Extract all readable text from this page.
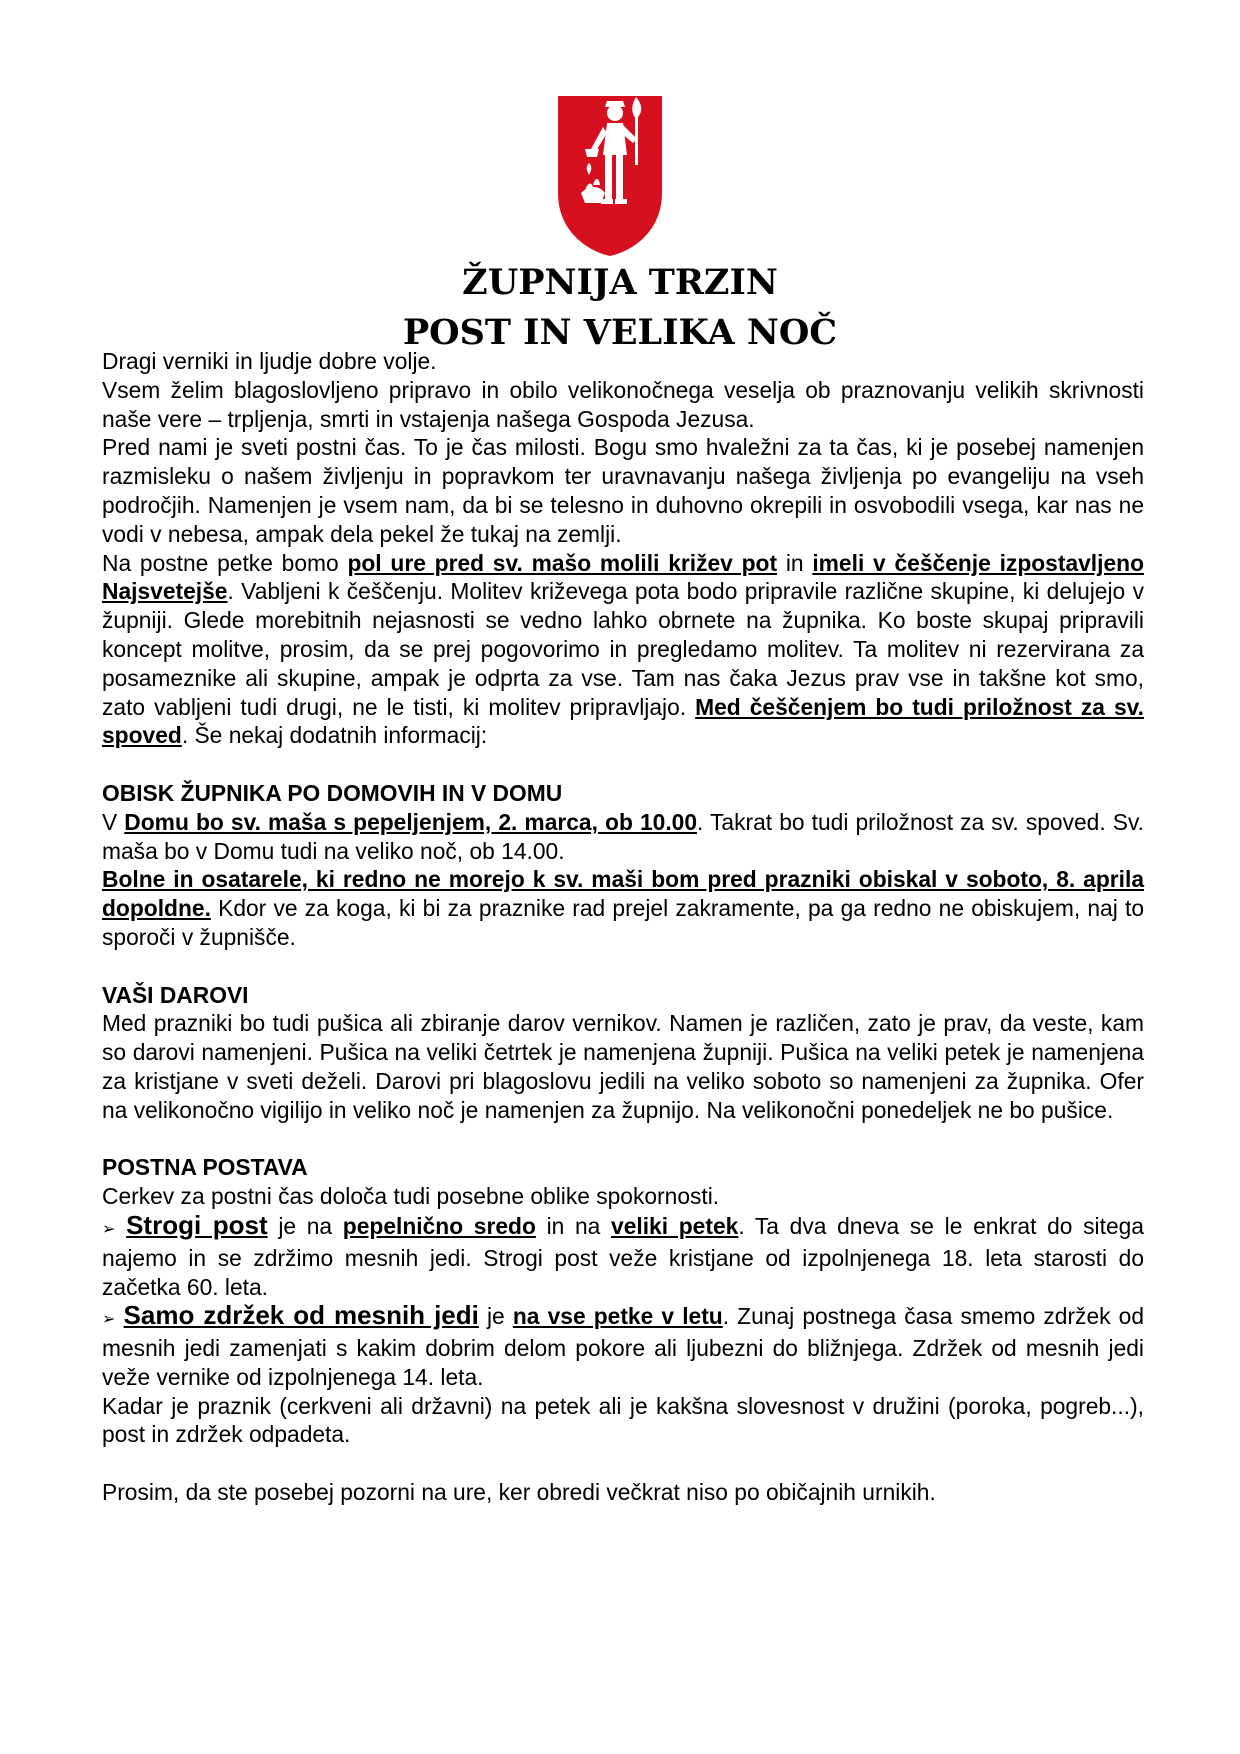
ŽUPNIJA TRZIN
POST IN VELIKA NOČ

Dragi verniki in ljudje dobre volje.

Vsem želim blagoslovljeno pripravo in obilo velikonočnega veselja ob praznovanju velikih skrivnosti naše vere – trpljenja, smrti in vstajenja našega Gospoda Jezusa.

Pred nami je sveti postni čas. To je čas milosti. Bogu smo hvaležni za ta čas, ki je posebej namenjen razmisleku o našem življenju in popravkom ter uravnavanju našega življenja po evangeliju na vseh področjih. Namenjen je vsem nam, da bi se telesno in duhovno okrepili in osvobodili vsega, kar nas ne vodi v nebesa, ampak dela pekel že tukaj na zemlji.

Na postne petke bomo pol ure pred sv. mašo molili križev pot in imeli v češčenje izpostavljeno Najsvetejše. Vabljeni k češčenju. Molitev križevega pota bodo pripravile različne skupine, ki delujejo v župniji. Glede morebitnih nejasnosti se vedno lahko obrnete na župnika. Ko boste skupaj pripravili koncept molitve, prosim, da se prej pogovorimo in pregledamo molitev. Ta molitev ni rezervirana za posameznike ali skupine, ampak je odprta za vse. Tam nas čaka Jezus prav vse in takšne kot smo, zato vabljeni tudi drugi, ne le tisti, ki molitev pripravljajo. Med češčenjem bo tudi priložnost za sv. spoved. Še nekaj dodatnih informacij:

OBISK ŽUPNIKA PO DOMOVIH IN V DOMU

V Domu bo sv. maša s pepeljenjem, 2. marca, ob 10.00. Takrat bo tudi priložnost za sv. spoved. Sv. maša bo v Domu tudi na veliko noč, ob 14.00.

Bolne in osatarele, ki redno ne morejo k sv. maši bom pred prazniki obiskal v soboto, 8. aprila dopoldne. Kdor ve za koga, ki bi za praznike rad prejel zakramente, pa ga redno ne obiskujem, naj to sporoči v župnišče.

VAŠI DAROVI

Med prazniki bo tudi pušica ali zbiranje darov vernikov. Namen je različen, zato je prav, da veste, kam so darovi namenjeni. Pušica na veliki četrtek je namenjena župniji. Pušica na veliki petek je namenjena za kristjane v sveti deželi. Darovi pri blagoslovu jedili na veliko soboto so namenjeni za župnika. Ofer na velikonočno vigilijo in veliko noč je namenjen za župnijo. Na velikonočni ponedeljek ne bo pušice.

POSTNA POSTAVA

Cerkev za postni čas določa tudi posebne oblike spokornosti.

➢ Strogi post je na pepelnično sredo in na veliki petek. Ta dva dneva se le enkrat do sitega najemo in se zdržimo mesnih jedi. Strogi post veže kristjane od izpolnjenega 18. leta starosti do začetka 60. leta.

➢ Samo zdržek od mesnih jedi je na vse petke v letu. Zunaj postnega časa smemo zdržek od mesnih jedi zamenjati s kakim dobrim delom pokore ali ljubezni do bližnjega. Zdržek od mesnih jedi veže vernike od izpolnjenega 14. leta.

Kadar je praznik (cerkveni ali državni) na petek ali je kakšna slovesnost v družini (poroka, pogreb...), post in zdržek odpadeta.

Prosim, da ste posebej pozorni na ure, ker obredi večkrat niso po običajnih urnikih.
